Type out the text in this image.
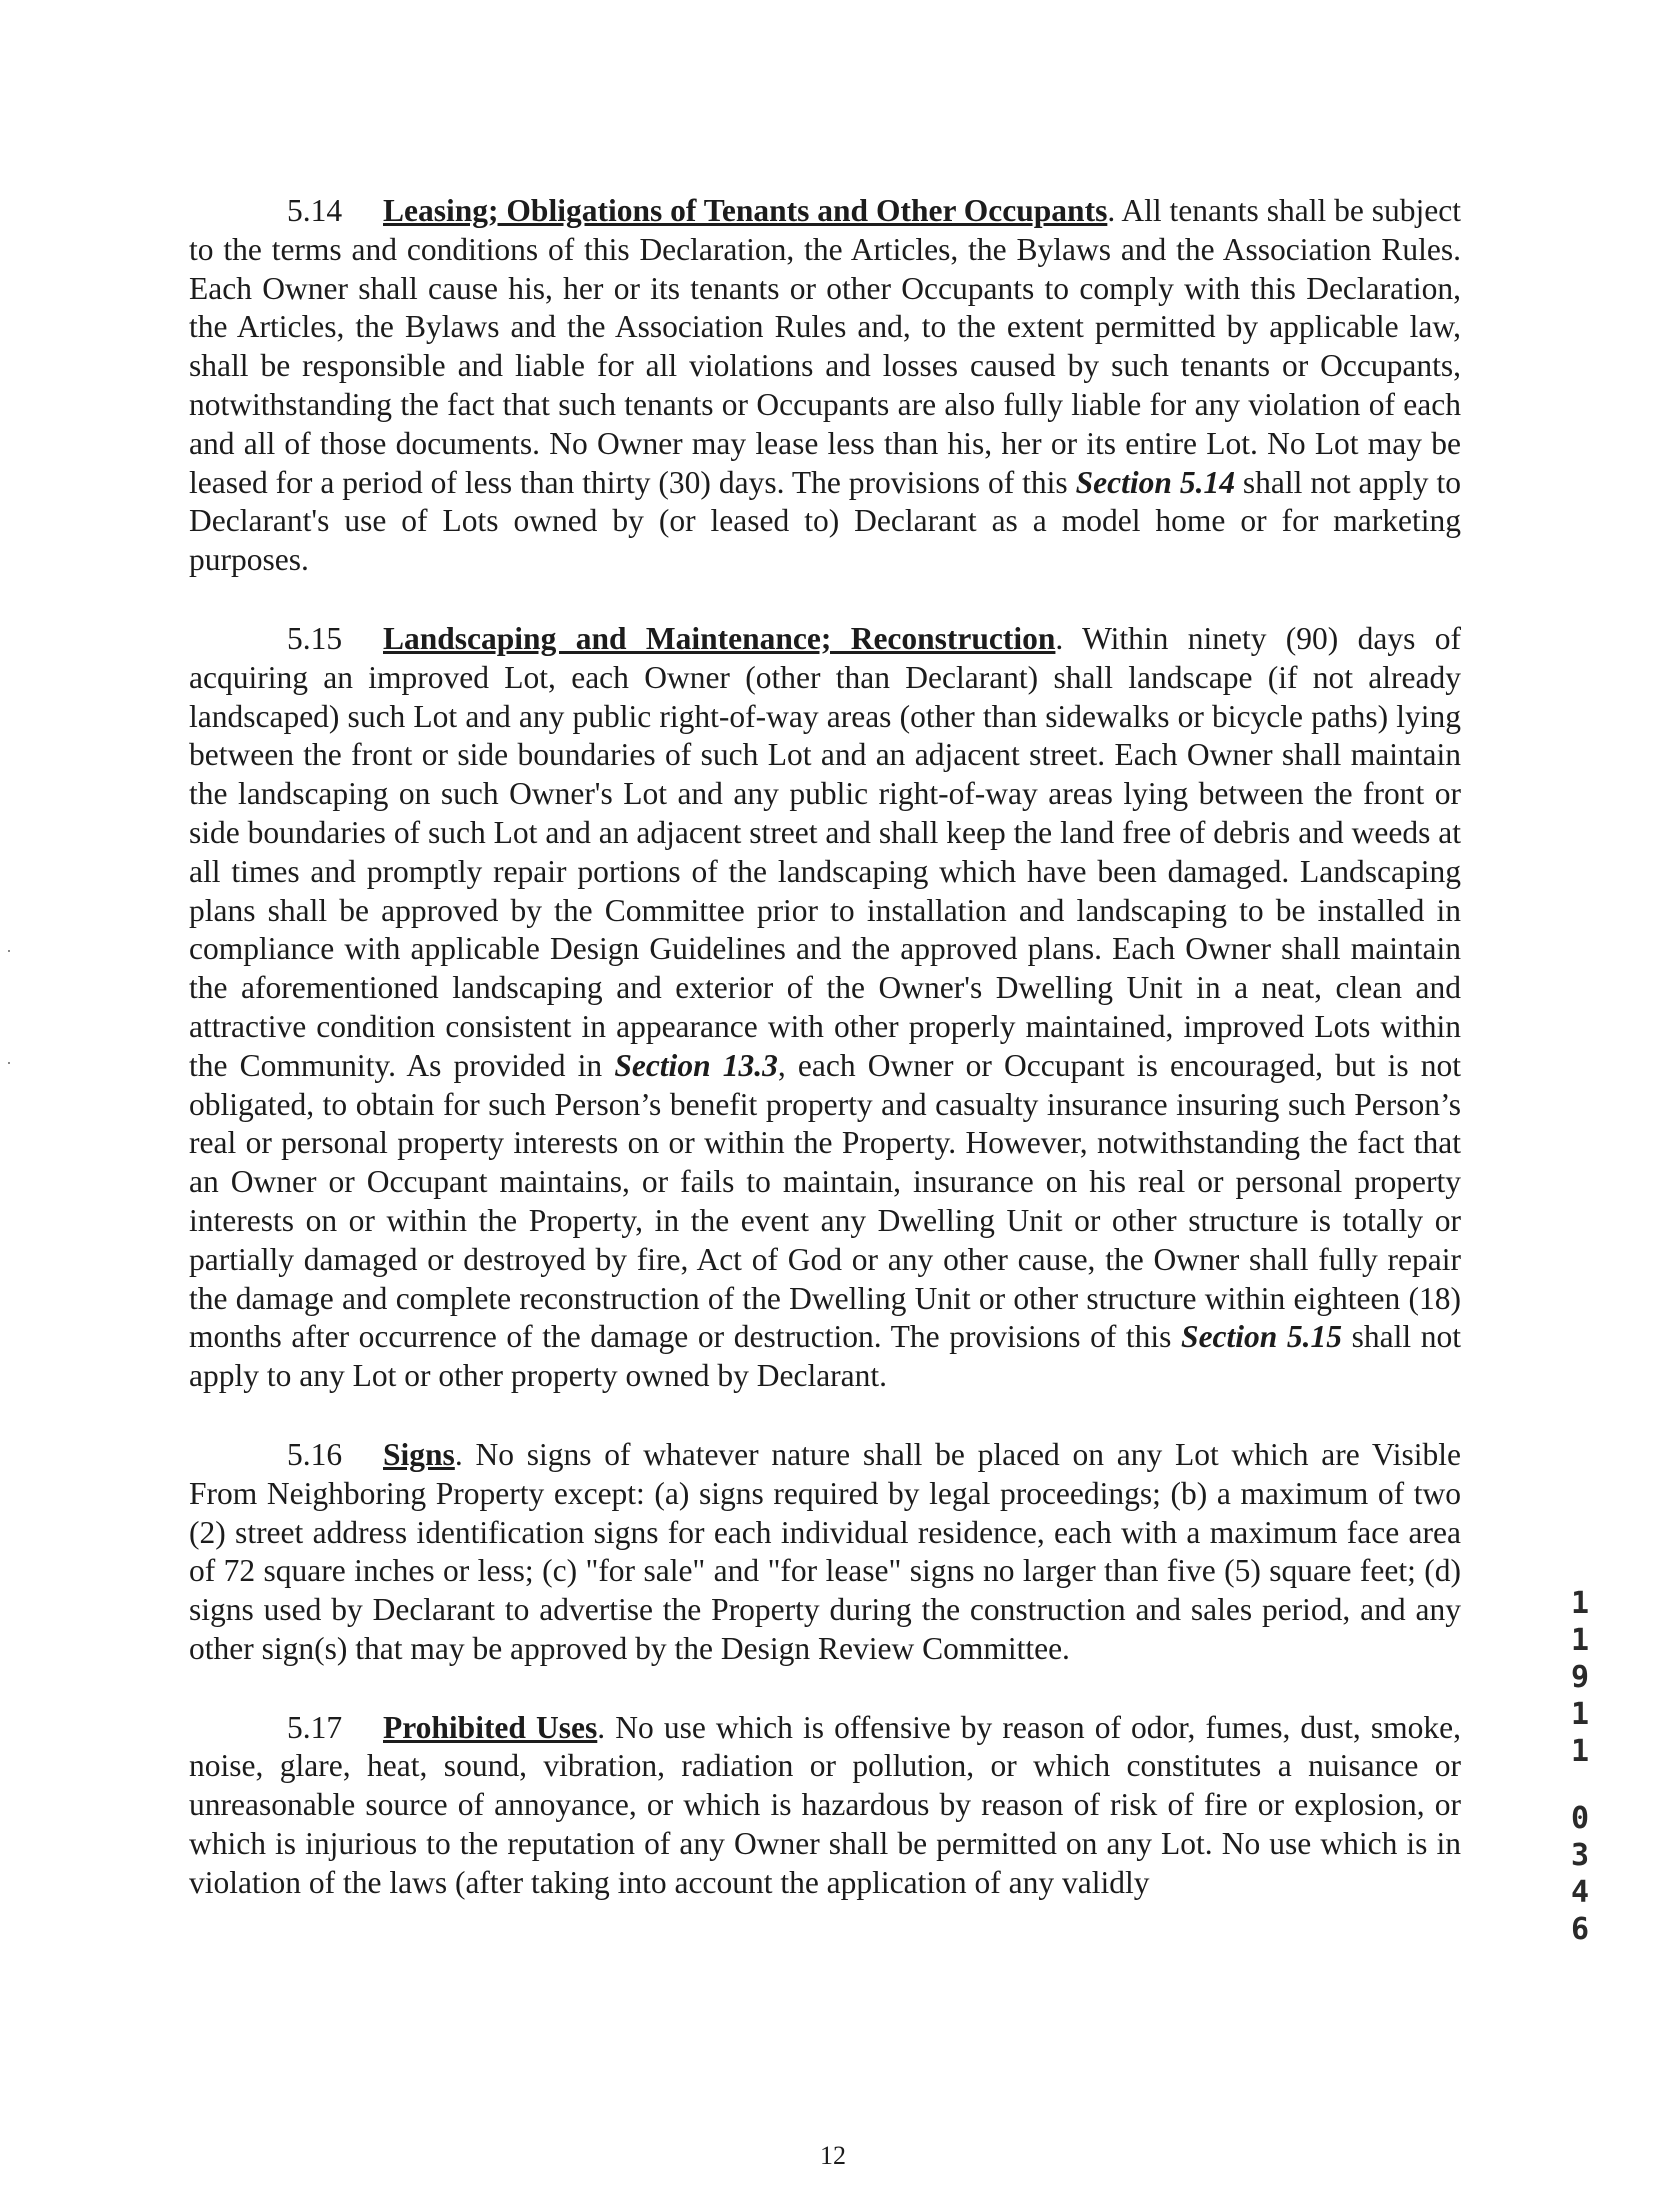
5.14 Leasing; Obligations of Tenants and Other Occupants. All tenants shall be subject to the terms and conditions of this Declaration, the Articles, the Bylaws and the Association Rules. Each Owner shall cause his, her or its tenants or other Occupants to comply with this Declaration, the Articles, the Bylaws and the Association Rules and, to the extent permitted by applicable law, shall be responsible and liable for all violations and losses caused by such tenants or Occupants, notwithstanding the fact that such tenants or Occupants are also fully liable for any violation of each and all of those documents. No Owner may lease less than his, her or its entire Lot. No Lot may be leased for a period of less than thirty (30) days. The provisions of this Section 5.14 shall not apply to Declarant's use of Lots owned by (or leased to) Declarant as a model home or for marketing purposes.

5.15 Landscaping and Maintenance; Reconstruction. Within ninety (90) days of acquiring an improved Lot, each Owner (other than Declarant) shall landscape (if not already landscaped) such Lot and any public right-of-way areas (other than sidewalks or bicycle paths) lying between the front or side boundaries of such Lot and an adjacent street. Each Owner shall maintain the landscaping on such Owner's Lot and any public right-of-way areas lying between the front or side boundaries of such Lot and an adjacent street and shall keep the land free of debris and weeds at all times and promptly repair portions of the landscaping which have been damaged. Landscaping plans shall be approved by the Committee prior to installation and landscaping to be installed in compliance with applicable Design Guidelines and the approved plans. Each Owner shall maintain the aforementioned landscaping and exterior of the Owner's Dwelling Unit in a neat, clean and attractive condition consistent in appearance with other properly maintained, improved Lots within the Community. As provided in Section 13.3, each Owner or Occupant is encouraged, but is not obligated, to obtain for such Person’s benefit property and casualty insurance insuring such Person’s real or personal property interests on or within the Property. However, notwithstanding the fact that an Owner or Occupant maintains, or fails to maintain, insurance on his real or personal property interests on or within the Property, in the event any Dwelling Unit or other structure is totally or partially damaged or destroyed by fire, Act of God or any other cause, the Owner shall fully repair the damage and complete reconstruction of the Dwelling Unit or other structure within eighteen (18) months after occurrence of the damage or destruction. The provisions of this Section 5.15 shall not apply to any Lot or other property owned by Declarant.

5.16 Signs. No signs of whatever nature shall be placed on any Lot which are Visible From Neighboring Property except: (a) signs required by legal proceedings; (b) a maximum of two (2) street address identification signs for each individual residence, each with a maximum face area of 72 square inches or less; (c) "for sale" and "for lease" signs no larger than five (5) square feet; (d) signs used by Declarant to advertise the Property during the construction and sales period, and any other sign(s) that may be approved by the Design Review Committee.

5.17 Prohibited Uses. No use which is offensive by reason of odor, fumes, dust, smoke, noise, glare, heat, sound, vibration, radiation or pollution, or which constitutes a nuisance or unreasonable source of annoyance, or which is hazardous by reason of risk of fire or explosion, or which is injurious to the reputation of any Owner shall be permitted on any Lot. No use which is in violation of the laws (after taking into account the application of any validly

1
1
9
1
1
0
3
4
6
12
